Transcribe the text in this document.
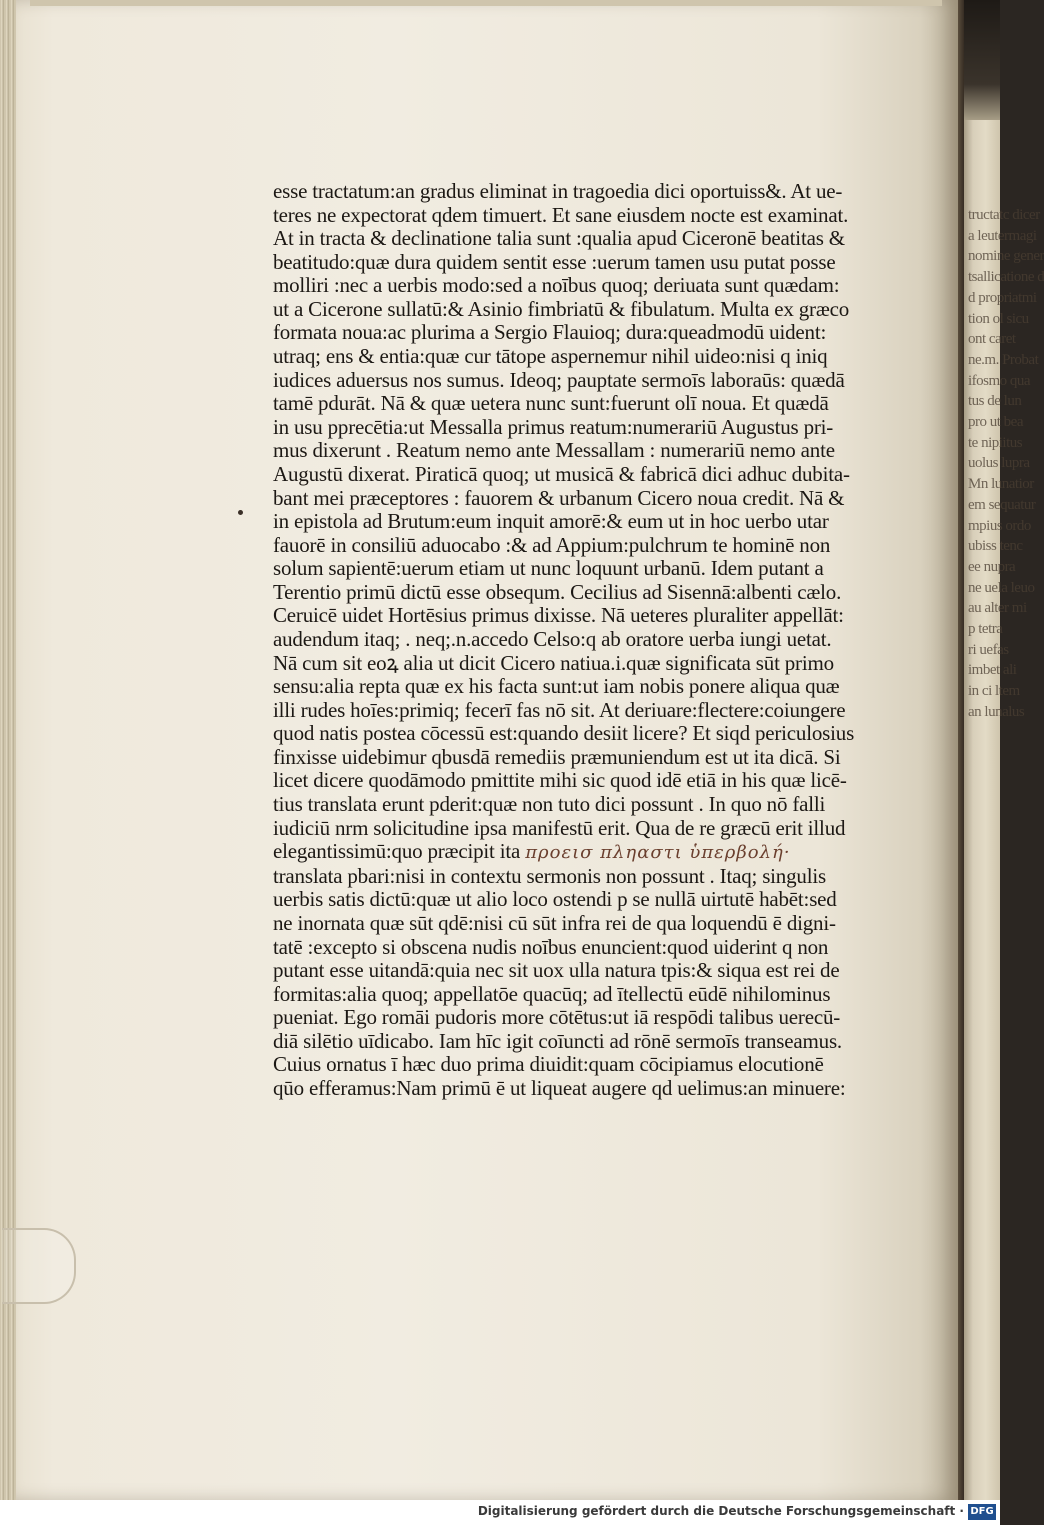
esse tractatum:an gradus eliminat in tragoedia dici oportuiss&. At ue-
teres ne expectorat qdem timuert. Et sane eiusdem nocte est examinat.
At in tracta & declinatione talia sunt :qualia apud Ciceronē beatitas &
beatitudo:quæ dura quidem sentit esse :uerum tamen usu putat posse
molliri :nec a uerbis modo:sed a noībus quoq; deriuata sunt quædam:
ut a Cicerone sullatū:& Asinio fimbriatū & fibulatum. Multa ex græco
formata noua:ac plurima a Sergio Flauioq; dura:queadmodū uident:
utraq; ens & entia:quæ cur tātope aspernemur nihil uideo:nisi q iniq
iudices aduersus nos sumus. Ideoq; pauptate sermoīs laboraūs: quædā
tamē pdurāt. Nā & quæ uetera nunc sunt:fuerunt olī noua. Et quædā
in usu pprecētia:ut Messalla primus reatum:numerariū Augustus pri-
mus dixerunt . Reatum nemo ante Messallam : numerariū nemo ante
Augustū dixerat. Piraticā quoq; ut musicā & fabricā dici adhuc dubita-
bant mei præceptores : fauorem & urbanum Cicero noua credit. Nā &
in epistola ad Brutum:eum inquit amorē:& eum ut in hoc uerbo utar
fauorē in consiliū aduocabo :& ad Appium:pulchrum te hominē non
solum sapientē:uerum etiam ut nunc loquunt urbanū. Idem putant a
Terentio primū dictū esse obsequm. Cecilius ad Sisennā:albenti cælo.
Ceruicē uidet Hortēsius primus dixisse. Nā ueteres pluraliter appellāt:
audendum itaq; . neq;.n.accedo Celso:q ab oratore uerba iungi uetat.
Nā cum sit eoꝝ alia ut dicit Cicero natiua.i.quæ significata sūt primo
sensu:alia repta quæ ex his facta sunt:ut iam nobis ponere aliqua quæ
illi rudes hoīes:primiq; fecerī fas nō sit. At deriuare:flectere:coiungere
quod natis postea cōcessū est:quando desiit licere? Et siqd periculosius
finxisse uidebimur qbusdā remediis præmuniendum est ut ita dicā. Si
licet dicere quodāmodo pmittite mihi sic quod idē etiā in his quæ licē-
tius translata erunt pderit:quæ non tuto dici possunt . In quo nō falli
iudiciū nrm solicitudine ipsa manifestū erit. Qua de re græcū erit illud
elegantissimū:quo præcipit ita προεισ πληαστι ὑπερβολή·
translata pbari:nisi in contextu sermonis non possunt . Itaq; singulis
uerbis satis dictū:quæ ut alio loco ostendi p se nullā uirtutē habēt:sed
ne inornata quæ sūt qdē:nisi cū sūt infra rei de qua loquendū ē digni-
tatē :excepto si obscena nudis noībus enuncient:quod uiderint q non
putant esse uitandā:quia nec sit uox ulla natura tpis:& siqua est rei de
formitas:alia quoq; appellatōe quacūq; ad ītellectū eūdē nihilominus
pueniat. Ego romāi pudoris more cōtētus:ut iā respōdi talibus uerecū-
diā silētio uīdicabo. Iam hīc igit coīuncti ad rōnē sermoīs transeamus.
Cuius ornatus ī hæc duo prima diuidit:quam cōcipiamus elocutionē
qūo efferamus:Nam primū ē ut liqueat augere qd uelimus:an minuere:
tructatc dicer
a leutermagi
nomine gener
tsallicatione d
d propriatmi
tion ol sicu
ont caret
ne.m. Probat
ifosmo qua
tus de lun
pro ut bea
te nipiitus
uolus lupra
Mn lunatior
em sequatur
mpius ordo
ubiss tenc
ee nupra
ne uela leuo
au alter mi
p tetra
ri uefas
imbet ali
in ci ltem
an lunalus
Digitalisierung gefördert durch die Deutsche Forschungsgemeinschaft · DFG
